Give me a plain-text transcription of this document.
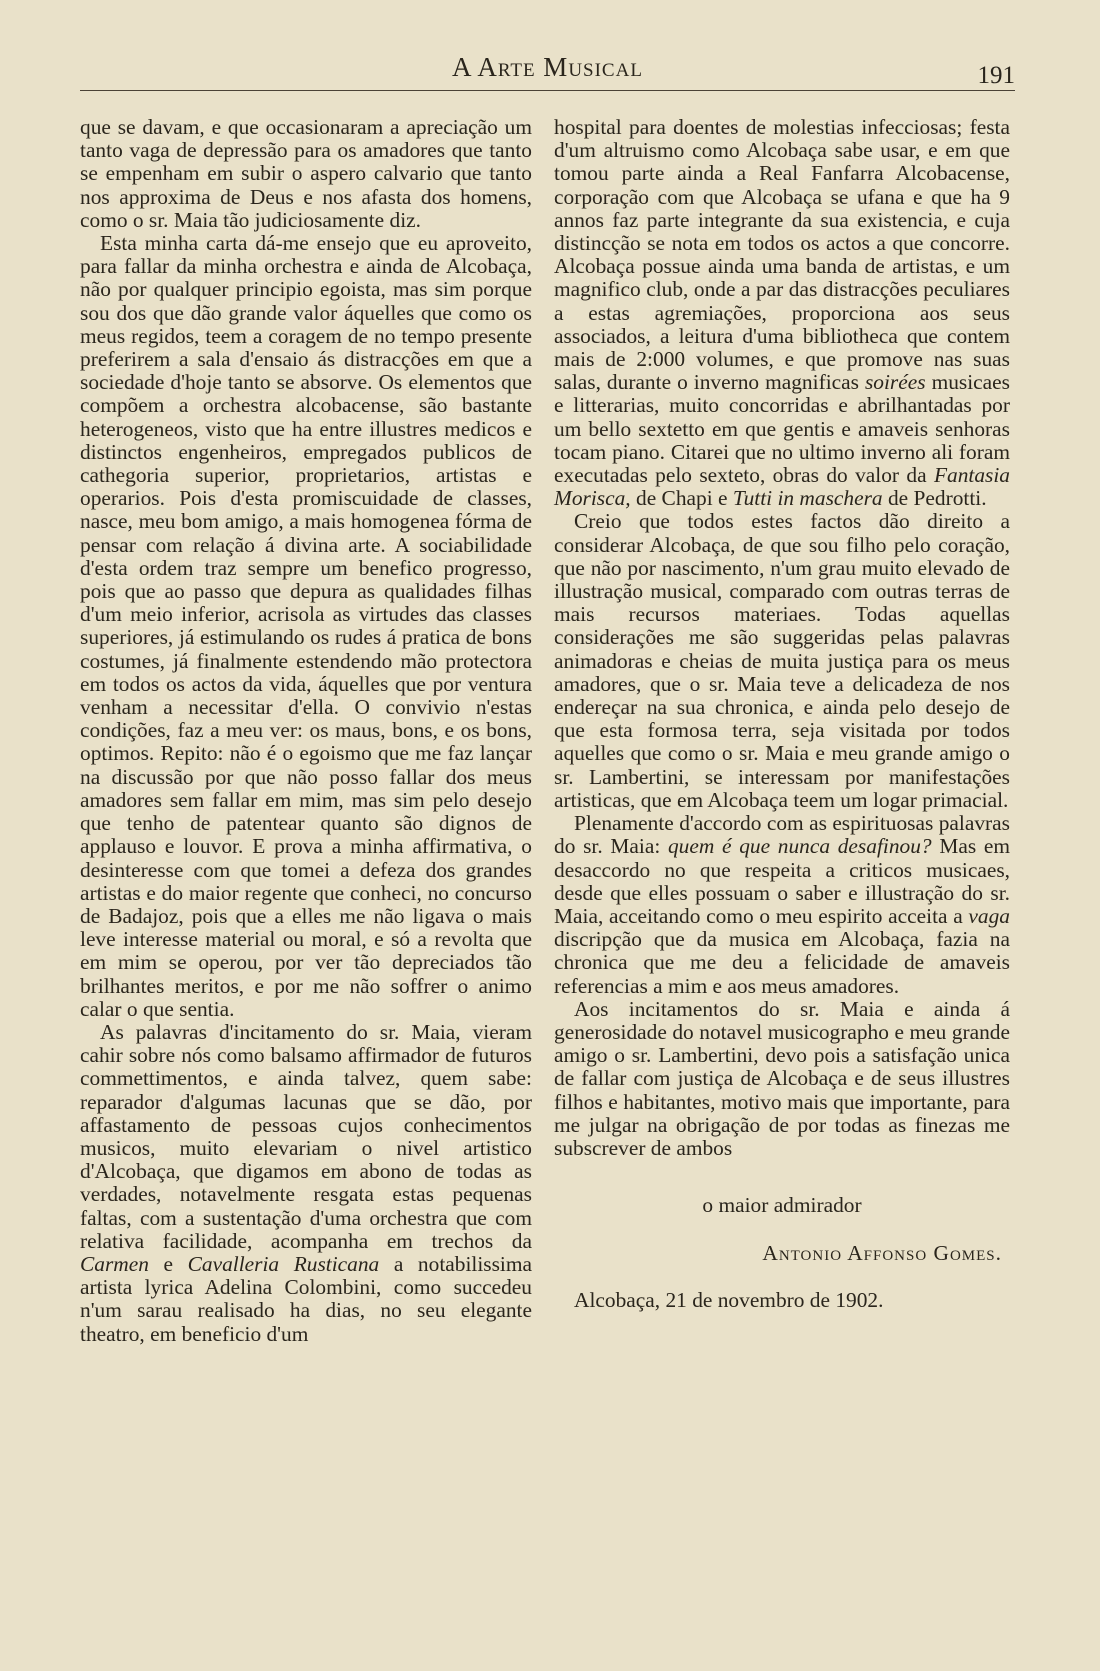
A Arte Musical	191

que se davam, e que occasionaram a apreciação um tanto vaga de depressão para os amadores que tanto se empenham em subir o aspero calvario que tanto nos approxima de Deus e nos afasta dos homens, como o sr. Maia tão judiciosamente diz.

Esta minha carta dá-me ensejo que eu aproveito, para fallar da minha orchestra e ainda de Alcobaça, não por qualquer principio egoista, mas sim porque sou dos que dão grande valor áquelles que como os meus regidos, teem a coragem de no tempo presente preferirem a sala d'ensaio ás distracções em que a sociedade d'hoje tanto se absorve. Os elementos que compõem a orchestra alcobacense, são bastante heterogeneos, visto que ha entre illustres medicos e distinctos engenheiros, empregados publicos de cathegoria superior, proprietarios, artistas e operarios. Pois d'esta promiscuidade de classes, nasce, meu bom amigo, a mais homogenea fórma de pensar com relação á divina arte. A sociabilidade d'esta ordem traz sempre um benefico progresso, pois que ao passo que depura as qualidades filhas d'um meio inferior, acrisola as virtudes das classes superiores, já estimulando os rudes á pratica de bons costumes, já finalmente estendendo mão protectora em todos os actos da vida, áquelles que por ventura venham a necessitar d'ella. O convivio n'estas condições, faz a meu ver: os maus, bons, e os bons, optimos. Repito: não é o egoismo que me faz lançar na discussão por que não posso fallar dos meus amadores sem fallar em mim, mas sim pelo desejo que tenho de patentear quanto são dignos de applauso e louvor. E prova a minha affirmativa, o desinteresse com que tomei a defeza dos grandes artistas e do maior regente que conheci, no concurso de Badajoz, pois que a elles me não ligava o mais leve interesse material ou moral, e só a revolta que em mim se operou, por ver tão depreciados tão brilhantes meritos, e por me não soffrer o animo calar o que sentia.

As palavras d'incitamento do sr. Maia, vieram cahir sobre nós como balsamo affirmador de futuros commettimentos, e ainda talvez, quem sabe: reparador d'algumas lacunas que se dão, por affastamento de pessoas cujos conhecimentos musicos, muito elevariam o nivel artistico d'Alcobaça, que digamos em abono de todas as verdades, notavelmente resgata estas pequenas faltas, com a sustentação d'uma orchestra que com relativa facilidade, acompanha em trechos da Carmen e Cavalleria Rusticana a notabilissima artista lyrica Adelina Colombini, como succedeu n'um sarau realisado ha dias, no seu elegante theatro, em beneficio d'um

hospital para doentes de molestias infecciosas; festa d'um altruismo como Alcobaça sabe usar, e em que tomou parte ainda a Real Fanfarra Alcobacense, corporação com que Alcobaça se ufana e que ha 9 annos faz parte integrante da sua existencia, e cuja distincção se nota em todos os actos a que concorre. Alcobaça possue ainda uma banda de artistas, e um magnifico club, onde a par das distracções peculiares a estas agremiações, proporciona aos seus associados, a leitura d'uma bibliotheca que contem mais de 2:000 volumes, e que promove nas suas salas, durante o inverno magnificas soirées musicaes e litterarias, muito concorridas e abrilhantadas por um bello sextetto em que gentis e amaveis senhoras tocam piano. Citarei que no ultimo inverno ali foram executadas pelo sexteto, obras do valor da Fantasia Morisca, de Chapi e Tutti in maschera de Pedrotti.

Creio que todos estes factos dão direito a considerar Alcobaça, de que sou filho pelo coração, que não por nascimento, n'um grau muito elevado de illustração musical, comparado com outras terras de mais recursos materiaes. Todas aquellas considerações me são suggeridas pelas palavras animadoras e cheias de muita justiça para os meus amadores, que o sr. Maia teve a delicadeza de nos endereçar na sua chronica, e ainda pelo desejo de que esta formosa terra, seja visitada por todos aquelles que como o sr. Maia e meu grande amigo o sr. Lambertini, se interessam por manifestações artisticas, que em Alcobaça teem um logar primacial.

Plenamente d'accordo com as espirituosas palavras do sr. Maia: quem é que nunca desafinou? Mas em desaccordo no que respeita a criticos musicaes, desde que elles possuam o saber e illustração do sr. Maia, acceitando como o meu espirito acceita a vaga discripção que da musica em Alcobaça, fazia na chronica que me deu a felicidade de amaveis referencias a mim e aos meus amadores.

Aos incitamentos do sr. Maia e ainda á generosidade do notavel musicographo e meu grande amigo o sr. Lambertini, devo pois a satisfação unica de fallar com justiça de Alcobaça e de seus illustres filhos e habitantes, motivo mais que importante, para me julgar na obrigação de por todas as finezas me subscrever de ambos

o maior admirador

Antonio Affonso Gomes.

Alcobaça, 21 de novembro de 1902.
